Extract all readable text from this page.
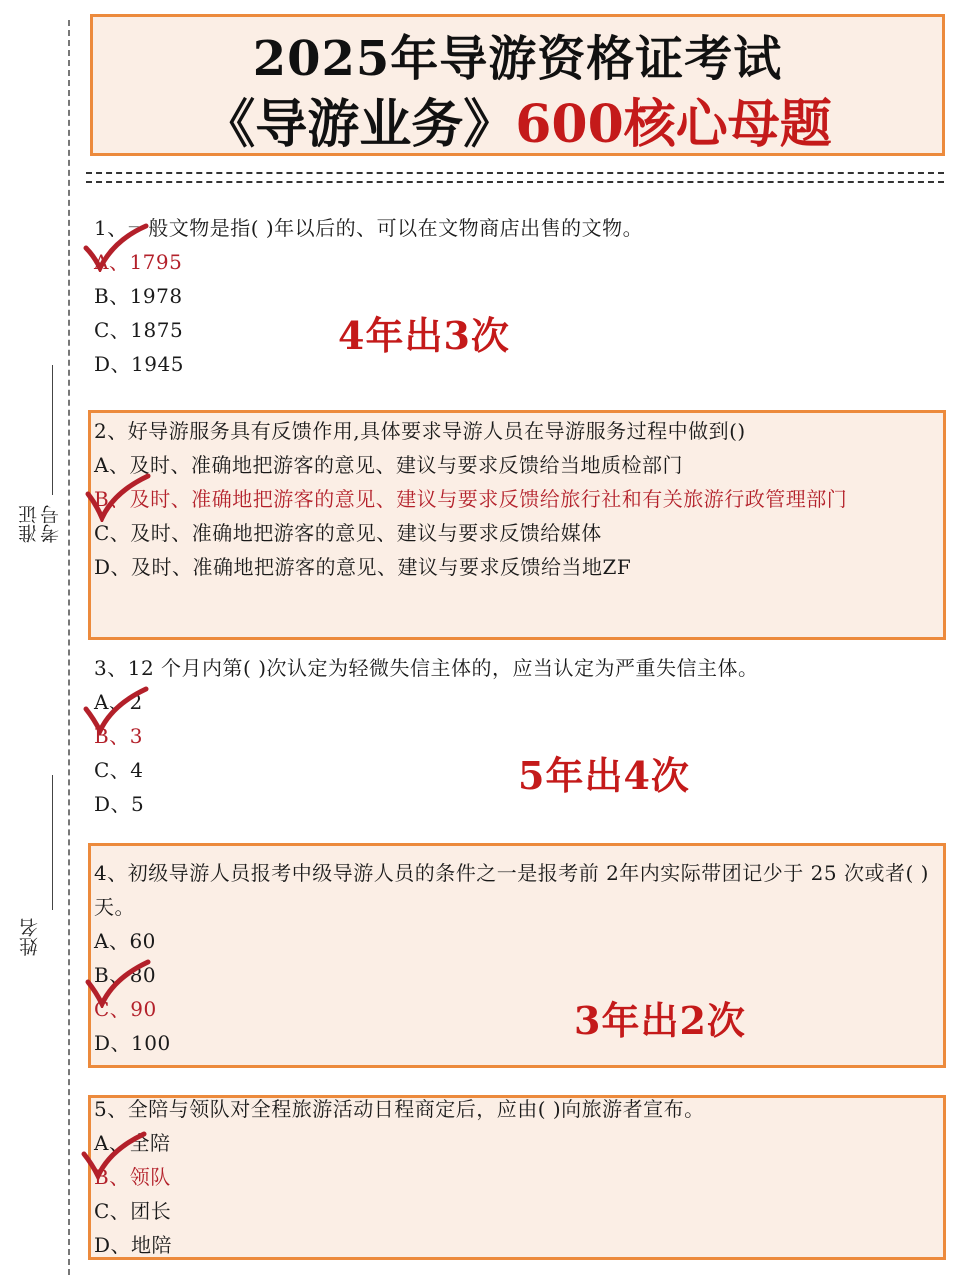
准证
考号
姓名
2025年导游资格证考试
《导游业务》600核心母题
1、一般文物是指( )年以后的、可以在文物商店出售的文物。
A、1795
B、1978
C、1875
D、1945
4年出3次
2、好导游服务具有反馈作用,具体要求导游人员在导游服务过程中做到()
A、及时、准确地把游客的意见、建议与要求反馈给当地质检部门
B、及时、准确地把游客的意见、建议与要求反馈给旅行社和有关旅游行政管理部门
C、及时、准确地把游客的意见、建议与要求反馈给媒体
D、及时、准确地把游客的意见、建议与要求反馈给当地ZF
3、12 个月内第( )次认定为轻微失信主体的，应当认定为严重失信主体。
A、2
B、3
C、4
D、5
5年出4次
4、初级导游人员报考中级导游人员的条件之一是报考前 2年内实际带团记少于 25 次或者( )天。
A、60
B、80
C、90
D、100	3年出2次
5、全陪与领队对全程旅游活动日程商定后，应由( )向旅游者宣布。
A、全陪
B、领队
C、团长
D、地陪
